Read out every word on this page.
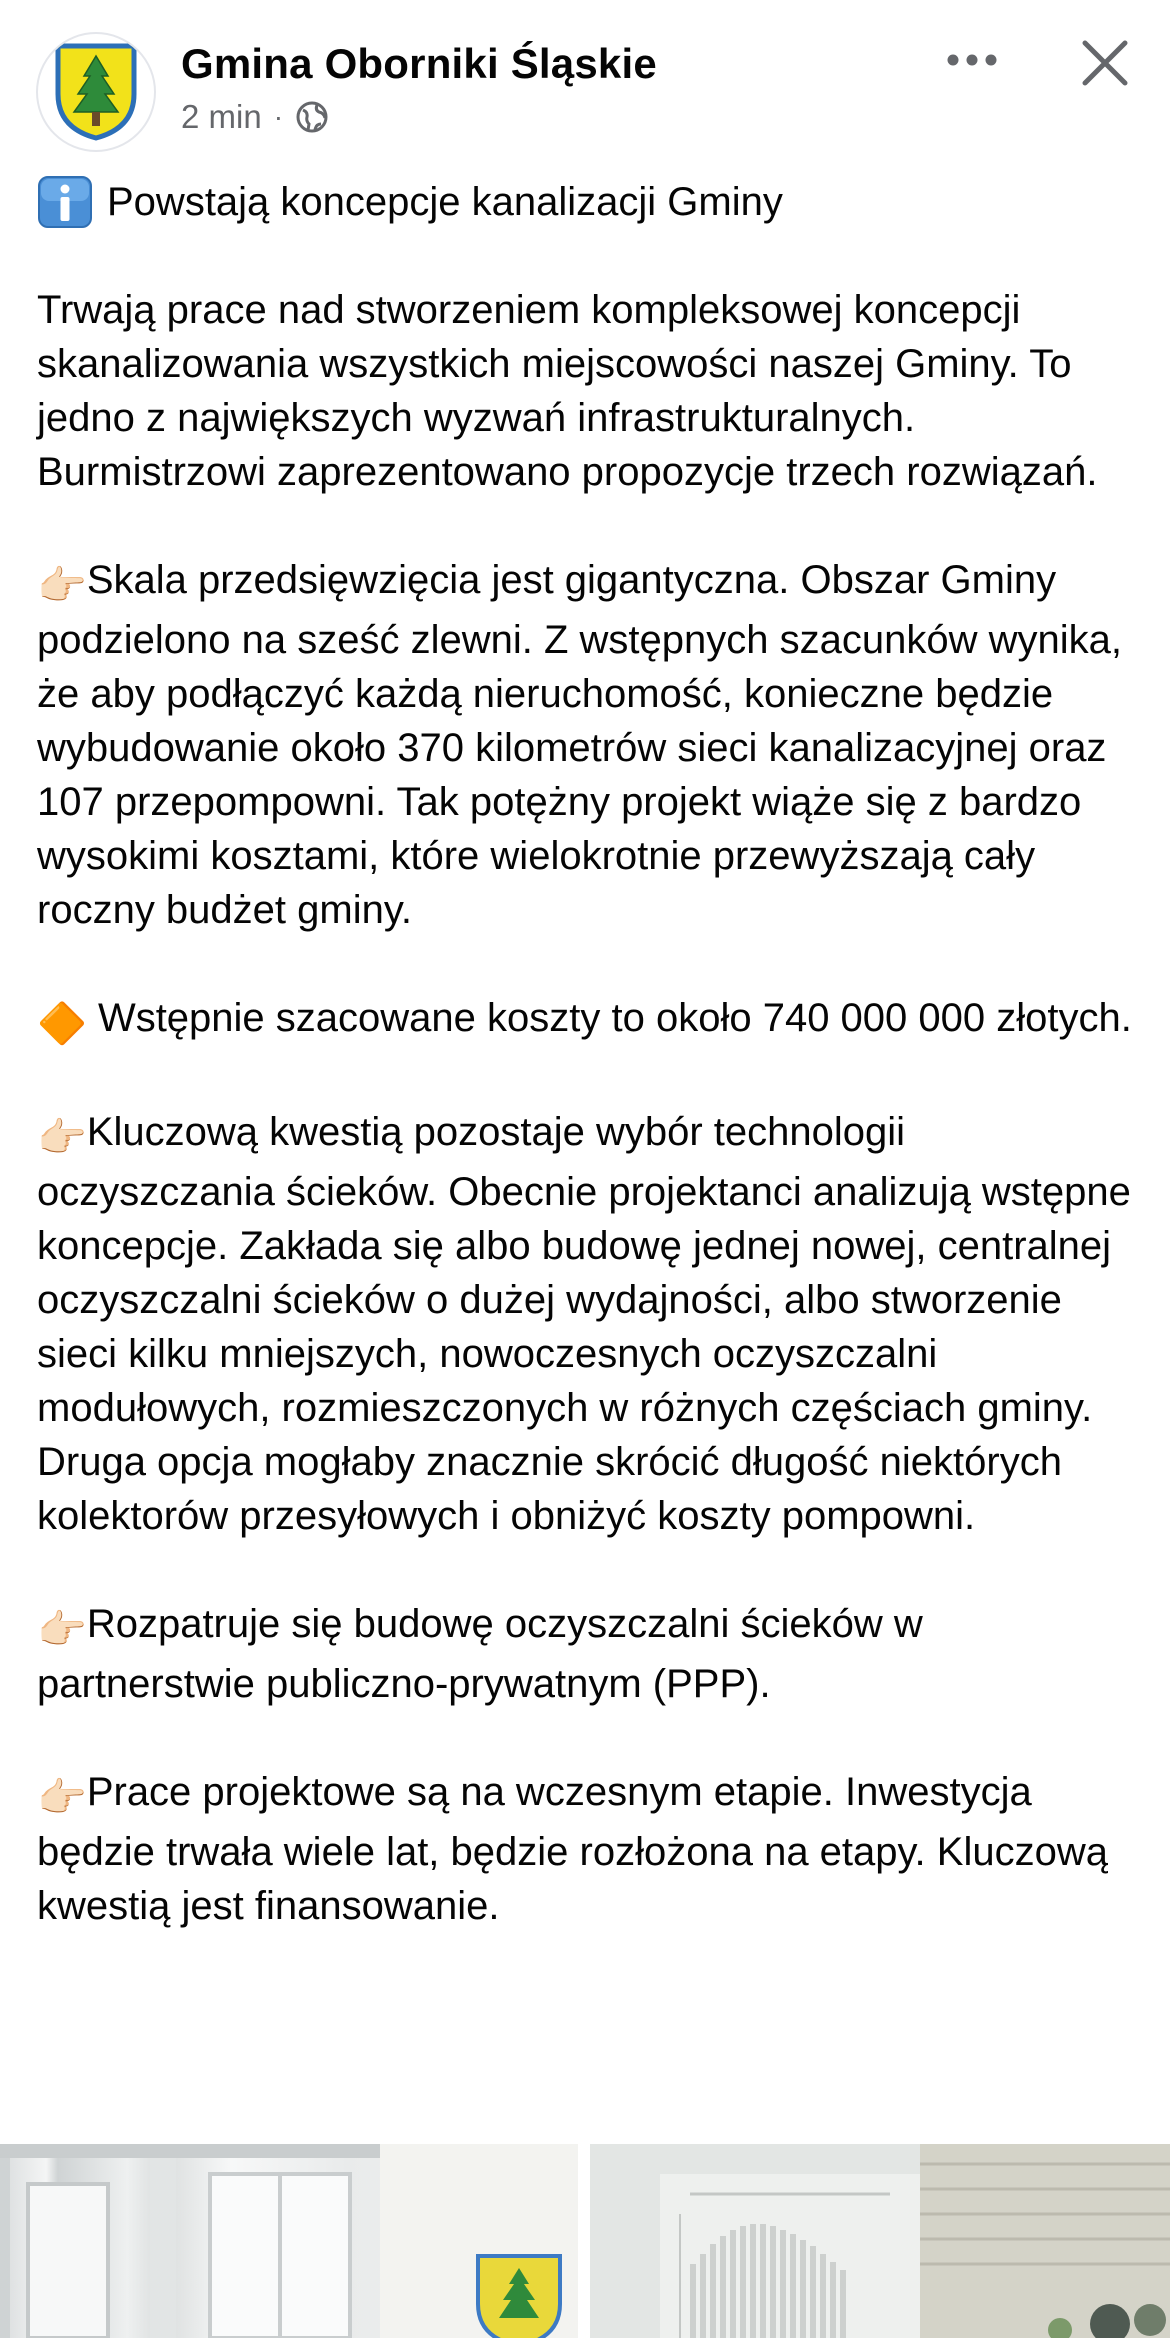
Gmina Oborniki Śląskie
2 min ·
Powstają koncepcje kanalizacji Gminy

Trwają prace nad stworzeniem kompleksowej koncepcji skanalizowania wszystkich miejscowości naszej Gminy. To jedno z największych wyzwań infrastrukturalnych. Burmistrzowi zaprezentowano propozycje trzech rozwiązań.

👉🏻Skala przedsięwzięcia jest gigantyczna. Obszar Gminy podzielono na sześć zlewni. Z wstępnych szacunków wynika, że aby podłączyć każdą nieruchomość, konieczne będzie wybudowanie około 370 kilometrów sieci kanalizacyjnej oraz 107 przepompowni. Tak potężny projekt wiąże się z bardzo wysokimi kosztami, które wielokrotnie przewyższają cały roczny budżet gminy.

🔶 Wstępnie szacowane koszty to około 740 000 000 złotych.

👉🏻Kluczową kwestią pozostaje wybór technologii oczyszczania ścieków. Obecnie projektanci analizują wstępne koncepcje. Zakłada się albo budowę jednej nowej, centralnej oczyszczalni ścieków o dużej wydajności, albo stworzenie sieci kilku mniejszych, nowoczesnych oczyszczalni modułowych, rozmieszczonych w różnych częściach gminy. Druga opcja mogłaby znacznie skrócić długość niektórych kolektorów przesyłowych i obniżyć koszty pompowni.

👉🏻Rozpatruje się budowę oczyszczalni ścieków w partnerstwie publiczno-prywatnym (PPP).

👉🏻Prace projektowe są na wczesnym etapie. Inwestycja będzie trwała wiele lat, będzie rozłożona na etapy. Kluczową kwestią jest finansowanie.
